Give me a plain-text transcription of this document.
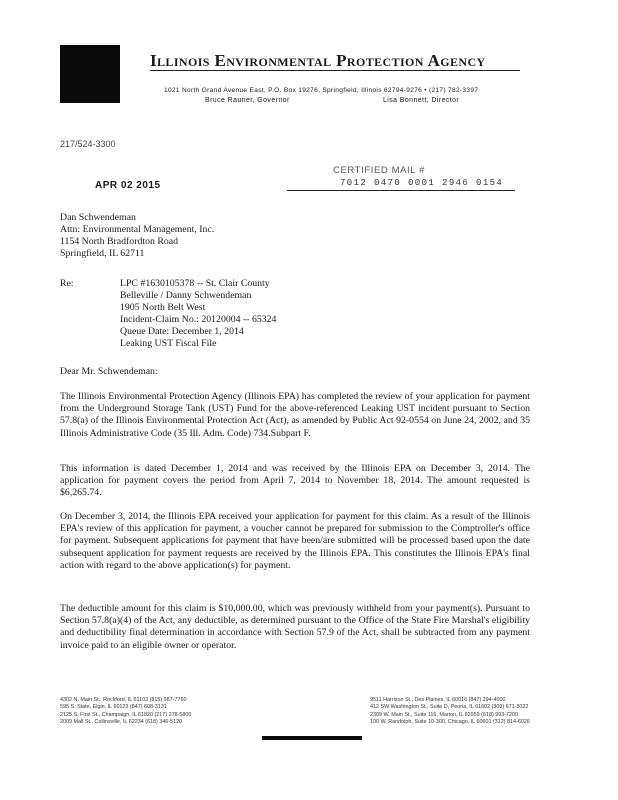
Illinois Environmental Protection Agency
1021 North Grand Avenue East, P.O. Box 19276, Springfield, Illinois 62794-9276 • (217) 782-3397
Bruce Rauner, Governor	Lisa Bonnett, Director
217/524-3300
CERTIFIED MAIL #
APR 02 2015	7012 0470 0001 2946 0154
Dan Schwendeman
Attn: Environmental Management, Inc.
1154 North Bradfordton Road
Springfield, IL 62711
Re:	LPC #1630105378 -- St. Clair County
Belleville / Danny Schwendeman
1905 North Belt West
Incident-Claim No.: 20120004 -- 65324
Queue Date: December 1, 2014
Leaking UST Fiscal File
Dear Mr. Schwendeman:
The Illinois Environmental Protection Agency (Illinois EPA) has completed the review of your application for payment from the Underground Storage Tank (UST) Fund for the above-referenced Leaking UST incident pursuant to Section 57.8(a) of the Illinois Environmental Protection Act (Act), as amended by Public Act 92-0554 on June 24, 2002, and 35 Illinois Administrative Code (35 Ill. Adm. Code) 734.Subpart F.
This information is dated December 1, 2014 and was received by the Illinois EPA on December 3, 2014. The application for payment covers the period from April 7, 2014 to November 18, 2014. The amount requested is $6,265.74.
On December 3, 2014, the Illinois EPA received your application for payment for this claim. As a result of the Illinois EPA's review of this application for payment, a voucher cannot be prepared for submission to the Comptroller's office for payment. Subsequent applications for payment that have been/are submitted will be processed based upon the date subsequent application for payment requests are received by the Illinois EPA. This constitutes the Illinois EPA's final action with regard to the above application(s) for payment.
The deductible amount for this claim is $10,000.00, which was previously withheld from your payment(s). Pursuant to Section 57.8(a)(4) of the Act, any deductible, as determined pursuant to the Office of the State Fire Marshal's eligibility and deductibility final determination in accordance with Section 57.9 of the Act, shall be subtracted from any payment invoice paid to an eligible owner or operator.
4302 N. Main St., Rockford, IL 61103 (815) 987-7760
595 S. State, Elgin, IL 60123 (847) 608-3131
2125 S. First St., Champaign, IL 61820 (217) 278-5800
2009 Mall St., Collinsville, IL 62234 (618) 346-5120
9511 Harrison St., Des Plaines, IL 60016 (847) 294-4000
412 SW Washington St., Suite D, Peoria, IL 61602 (309) 671-3022
2309 W. Main St., Suite 116, Marion, IL 62959 (618) 993-7200
100 W. Randolph, Suite 10-300, Chicago, IL 60601 (312) 814-6026
